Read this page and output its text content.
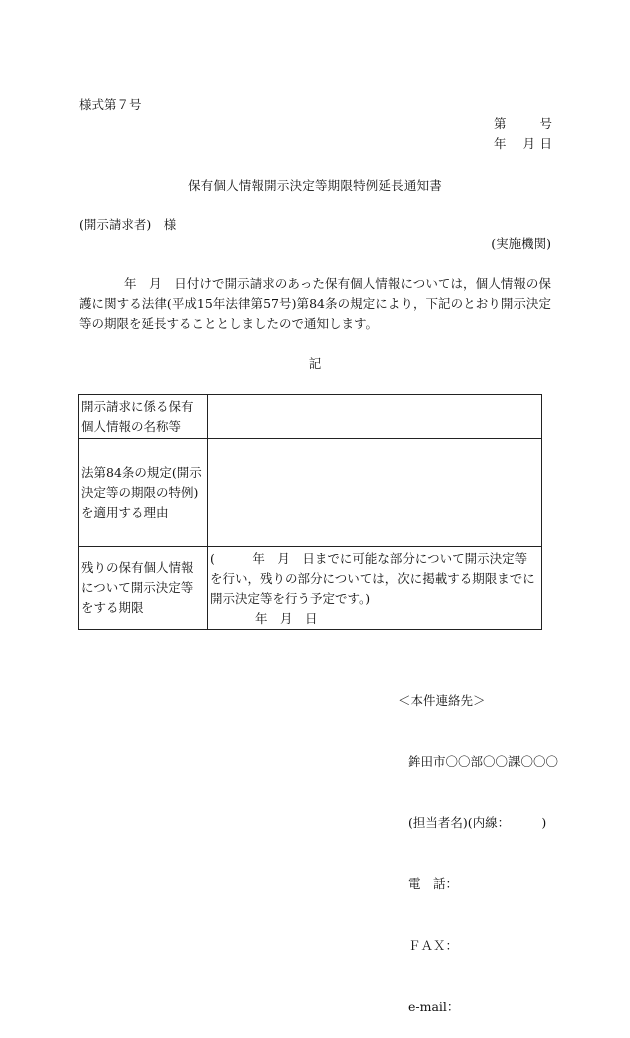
様式第７号
第	号
年 月 日
保有個人情報開示決定等期限特例延長通知書
(開示請求者)　様
(実施機関)
年　月　日付けで開示請求のあった保有個人情報については，個人情報の保護に関する法律(平成15年法律第57号)第84条の規定により，下記のとおり開示決定等の期限を延長することとしましたので通知します。
記
開示請求に係る保有個人情報の名称等	
法第84条の規定(開示決定等の期限の特例)を適用する理由	
残りの保有個人情報について開示決定等をする期限	(　　　年　月　日までに可能な部分について開示決定等を行い，残りの部分については，次に掲載する期限までに開示決定等を行う予定です。)
年　月　日

＜本件連絡先＞

鉾田市〇〇部〇〇課〇〇〇

(担当者名)(内線：　　　)

電　話：

ＦＡＸ：

e-mail：
